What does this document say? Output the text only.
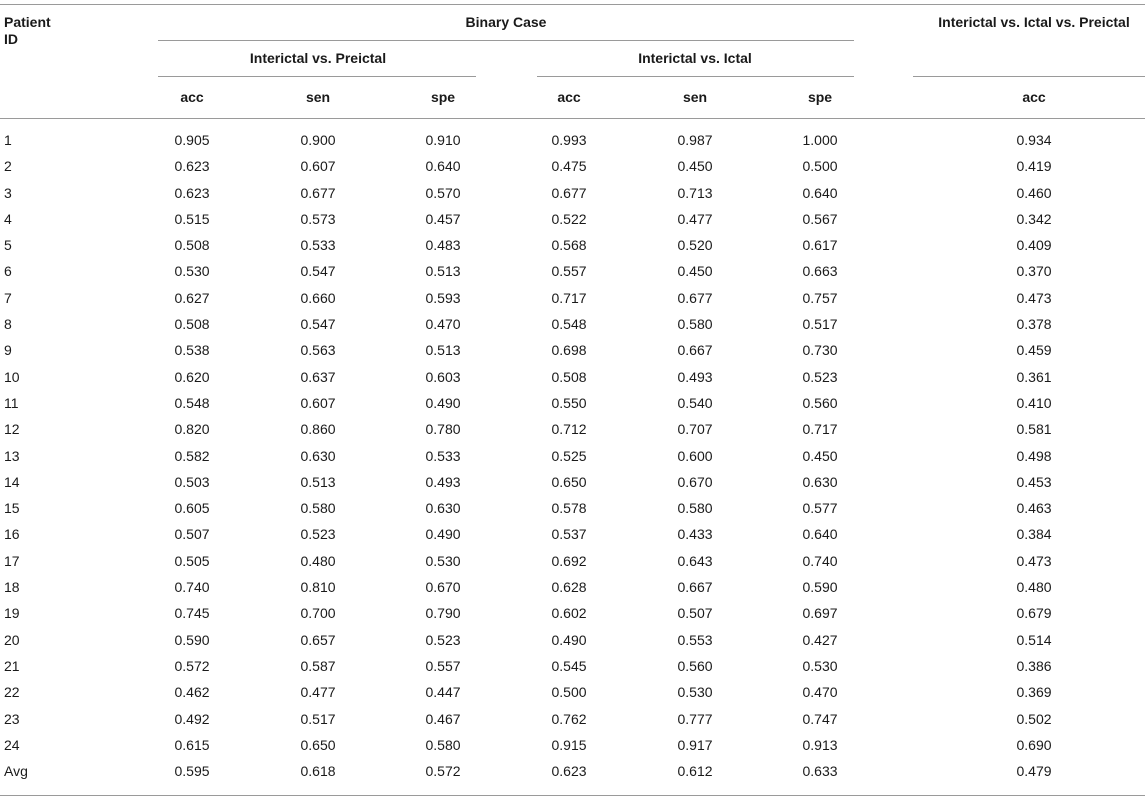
Patient
ID
Binary Case	Interictal vs. Ictal vs. Preictal
Interictal vs. Preictal	Interictal vs. Ictal
acc	sen	spe	acc	sen	spe	acc
1	0.905	0.900	0.910	0.993	0.987	1.000	0.934
2	0.623	0.607	0.640	0.475	0.450	0.500	0.419
3	0.623	0.677	0.570	0.677	0.713	0.640	0.460
4	0.515	0.573	0.457	0.522	0.477	0.567	0.342
5	0.508	0.533	0.483	0.568	0.520	0.617	0.409
6	0.530	0.547	0.513	0.557	0.450	0.663	0.370
7	0.627	0.660	0.593	0.717	0.677	0.757	0.473
8	0.508	0.547	0.470	0.548	0.580	0.517	0.378
9	0.538	0.563	0.513	0.698	0.667	0.730	0.459
10	0.620	0.637	0.603	0.508	0.493	0.523	0.361
11	0.548	0.607	0.490	0.550	0.540	0.560	0.410
12	0.820	0.860	0.780	0.712	0.707	0.717	0.581
13	0.582	0.630	0.533	0.525	0.600	0.450	0.498
14	0.503	0.513	0.493	0.650	0.670	0.630	0.453
15	0.605	0.580	0.630	0.578	0.580	0.577	0.463
16	0.507	0.523	0.490	0.537	0.433	0.640	0.384
17	0.505	0.480	0.530	0.692	0.643	0.740	0.473
18	0.740	0.810	0.670	0.628	0.667	0.590	0.480
19	0.745	0.700	0.790	0.602	0.507	0.697	0.679
20	0.590	0.657	0.523	0.490	0.553	0.427	0.514
21	0.572	0.587	0.557	0.545	0.560	0.530	0.386
22	0.462	0.477	0.447	0.500	0.530	0.470	0.369
23	0.492	0.517	0.467	0.762	0.777	0.747	0.502
24	0.615	0.650	0.580	0.915	0.917	0.913	0.690
Avg	0.595	0.618	0.572	0.623	0.612	0.633	0.479
